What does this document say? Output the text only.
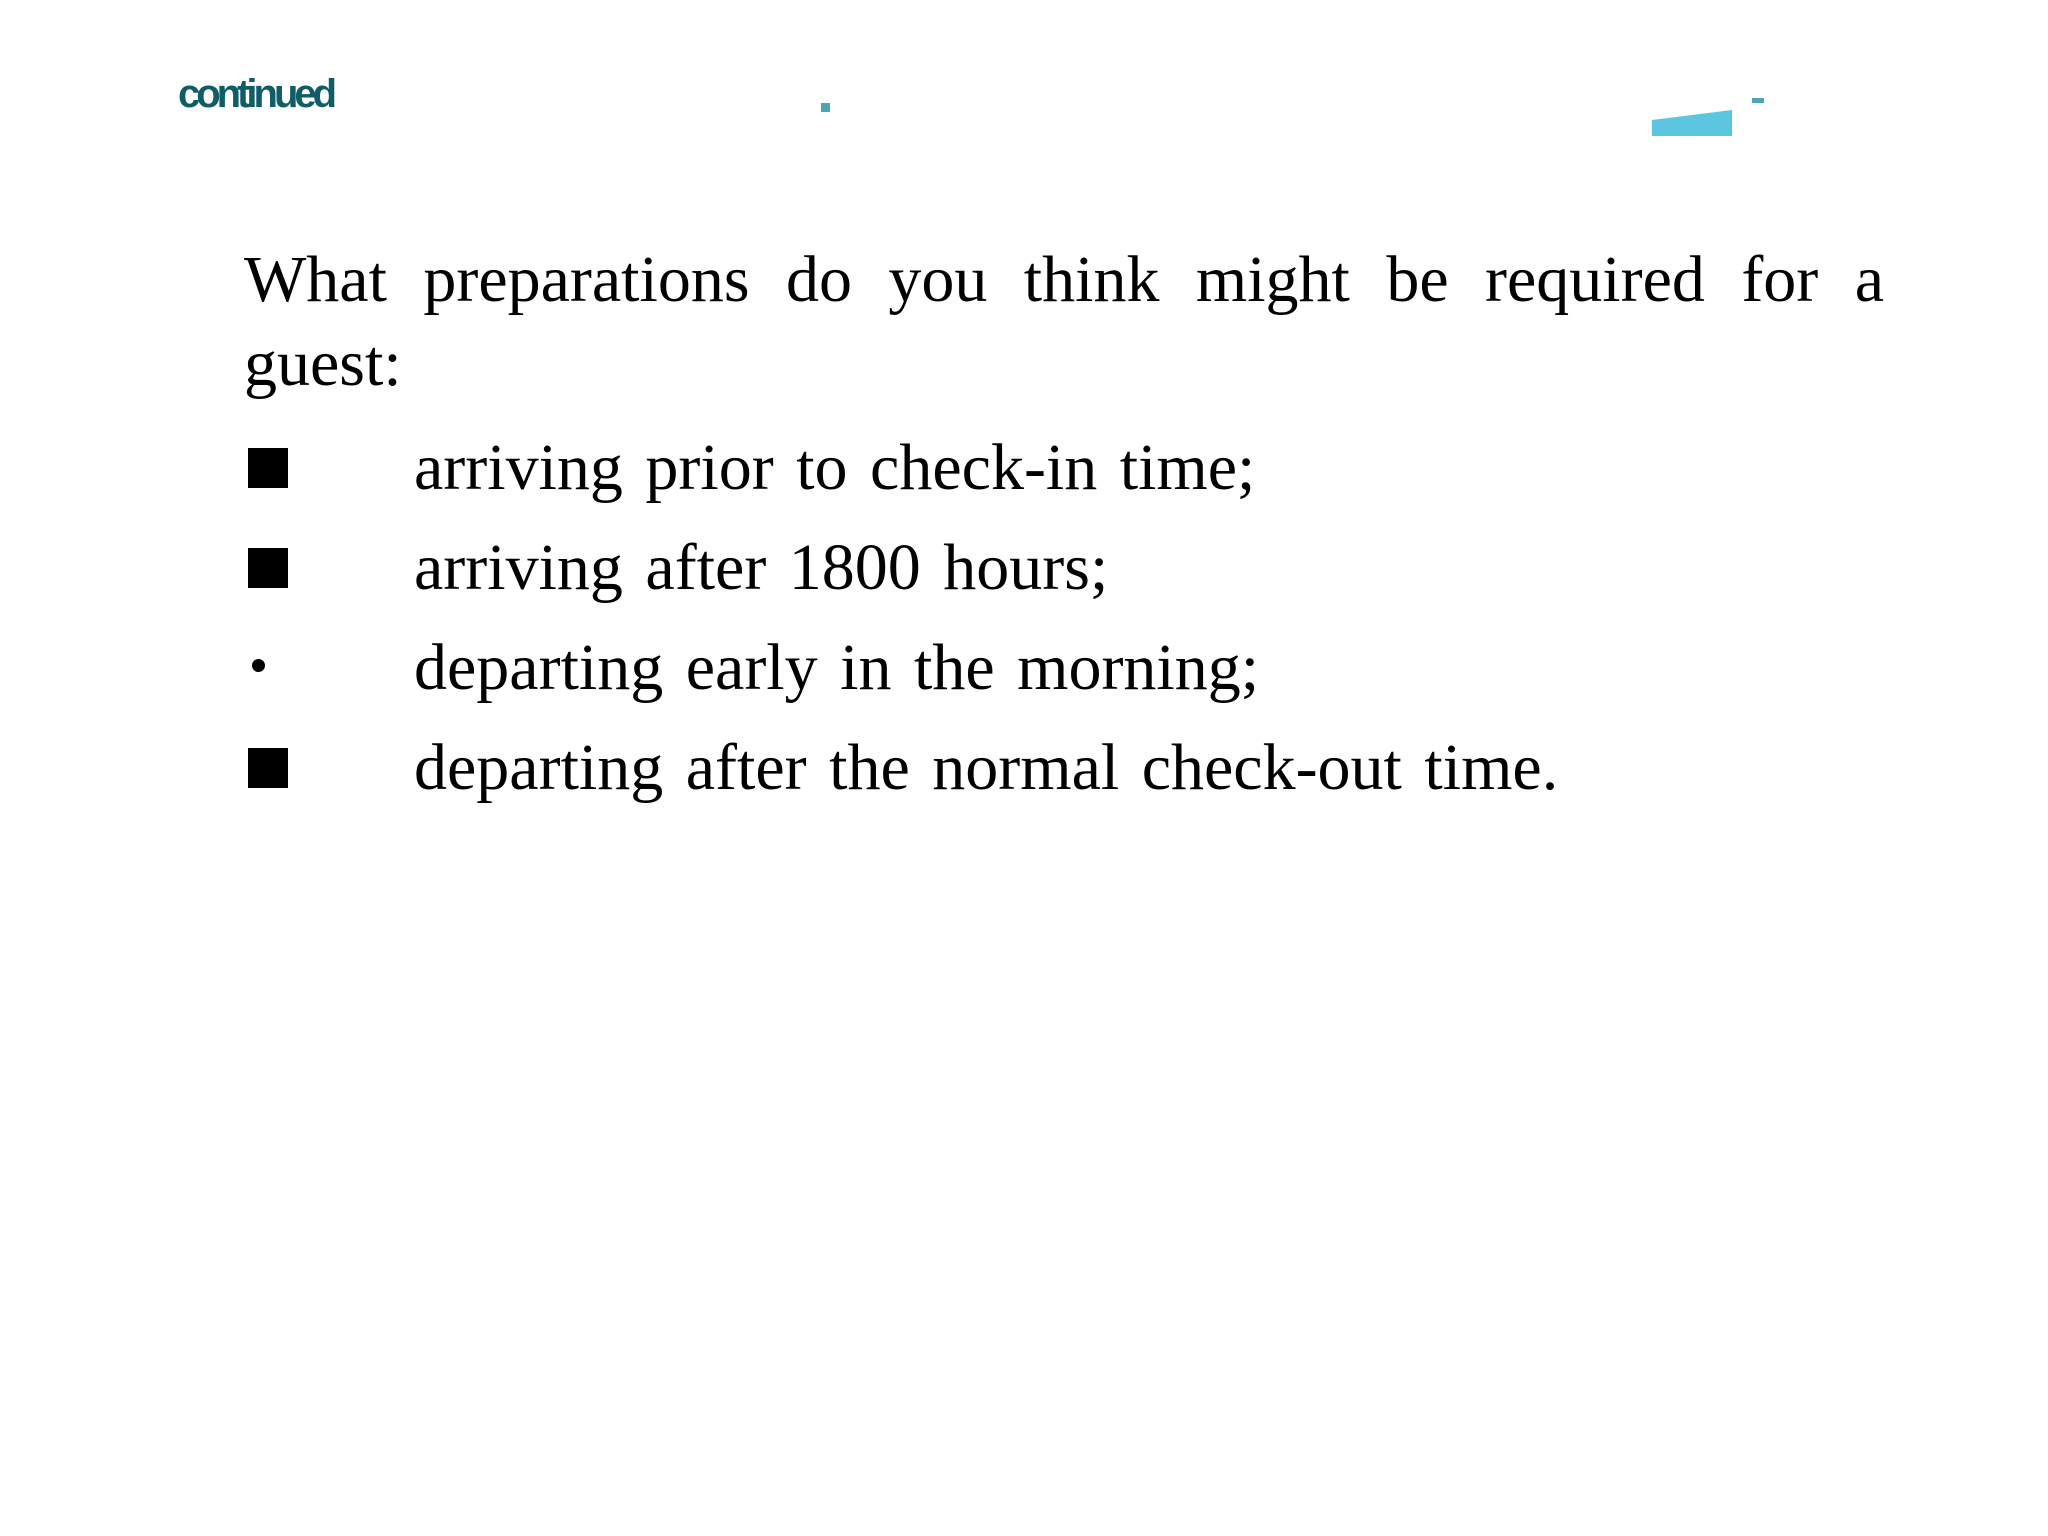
continued
What preparations do you think might be required for a guest:
arriving prior to check-in time;
arriving after 1800 hours;
departing early in the morning;
departing after the normal check-out time.
